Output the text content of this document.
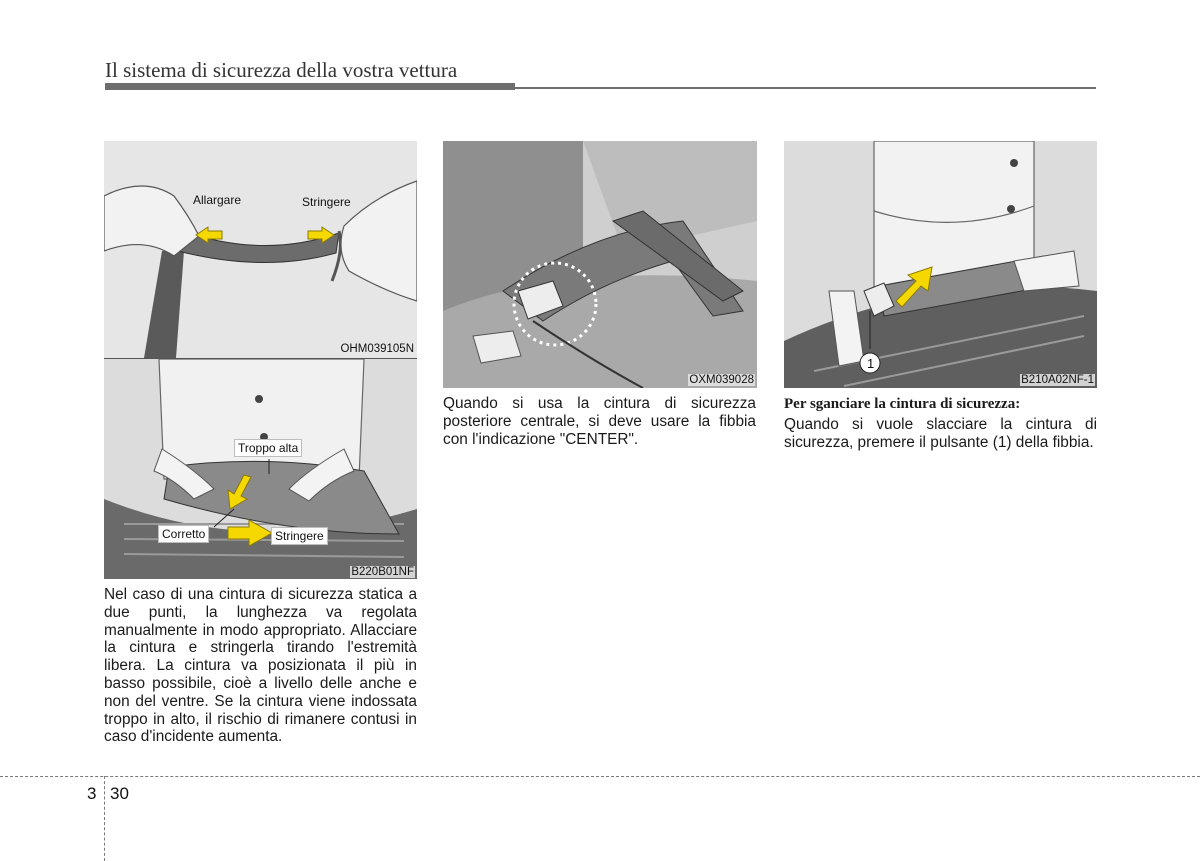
Il sistema di sicurezza della vostra vettura
Allargare	Stringere
OHM039105N
Troppo alta
Corretto	Stringere
B220B01NF
OXM039028
1
B210A02NF-1
Nel caso di una cintura di sicurezza statica a due punti, la lunghezza va regolata manualmente in modo appropriato. Allacciare la cintura e stringerla tirando l'estremità libera. La cintura va posizionata il più in basso possibile, cioè a livello delle anche e non del ventre. Se la cintura viene indossata troppo in alto, il rischio di rimanere contusi in caso d'incidente aumenta.
Quando si usa la cintura di sicurezza posteriore centrale, si deve usare la fibbia con l'indicazione "CENTER".
Per sganciare la cintura di sicurezza:
Quando si vuole slacciare la cintura di sicurezza, premere il pulsante (1) della fibbia.
3 30
